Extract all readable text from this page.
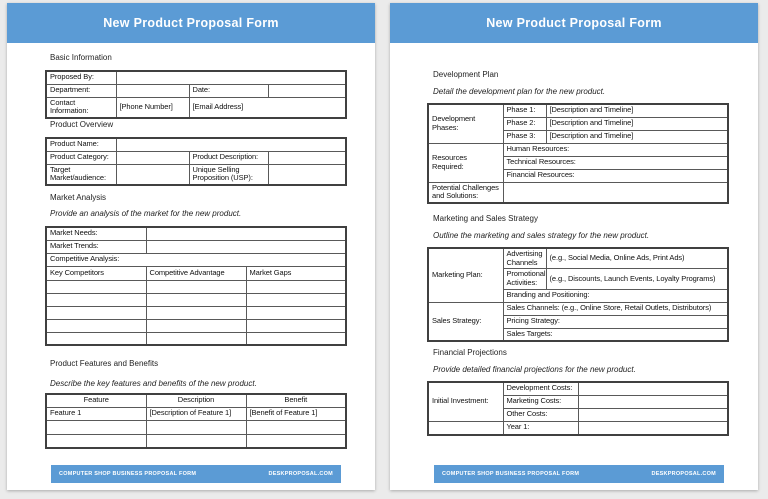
New Product Proposal Form
Basic Information
Proposed By:			
Department:		Date:	
Contact Information:	[Phone Number]	[Email Address]	
Product Overview
Product Name:			
Product Category:		Product Description:	
Target Market/audience:		Unique Selling Proposition (USP):	
Market Analysis
Provide an analysis of the market for the new product.
Market Needs:		
Market Trends:		
Competitive Analysis:		
Key Competitors	Competitive Advantage	Market Gaps

Product Features and Benefits
Describe the key features and benefits of the new product.
Feature	Description	Benefit
Feature 1	[Description of Feature 1]	[Benefit of Feature 1]

COMPUTER SHOP BUSINESS PROPOSAL FORM	DESKPROPOSAL.COM
New Product Proposal Form
Development Plan
Detail the development plan for the new product.
Development Phases:	Phase 1:	[Description and Timeline]
	Phase 2:	[Description and Timeline]
	Phase 3:	[Description and Timeline]
Resources Required:	Human Resources:	
	Technical Resources:	
	Financial Resources:	
Potential Challenges and Solutions:		
Marketing and Sales Strategy
Outline the marketing and sales strategy for the new product.
Marketing Plan:	Advertising Channels	(e.g., Social Media, Online Ads, Print Ads)
	Promotional Activities:	(e.g., Discounts, Launch Events, Loyalty Programs)
	Branding and Positioning:	
Sales Strategy:	Sales Channels: (e.g., Online Store, Retail Outlets, Distributors)	
	Pricing Strategy:	
	Sales Targets:	
Financial Projections
Provide detailed financial projections for the new product.
Initial Investment:	Development Costs:	
	Marketing Costs:	
	Other Costs:	
	Year 1:	
COMPUTER SHOP BUSINESS PROPOSAL FORM	DESKPROPOSAL.COM
